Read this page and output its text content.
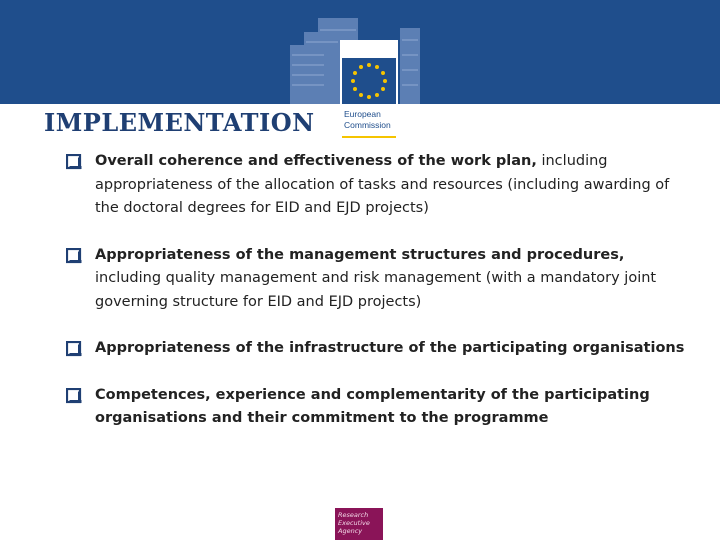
European
Commission
IMPLEMENTATION
Overall coherence and effectiveness of the work plan, including appropriateness of the allocation of tasks and resources (including awarding of the doctoral degrees for EID and EJD projects)
Appropriateness of the management structures and procedures, including quality management and risk management (with a mandatory joint governing structure for EID and EJD projects)
Appropriateness of the infrastructure of the participating organisations
Competences, experience and complementarity of the participating organisations and their commitment to the programme
Research
Executive
Agency
